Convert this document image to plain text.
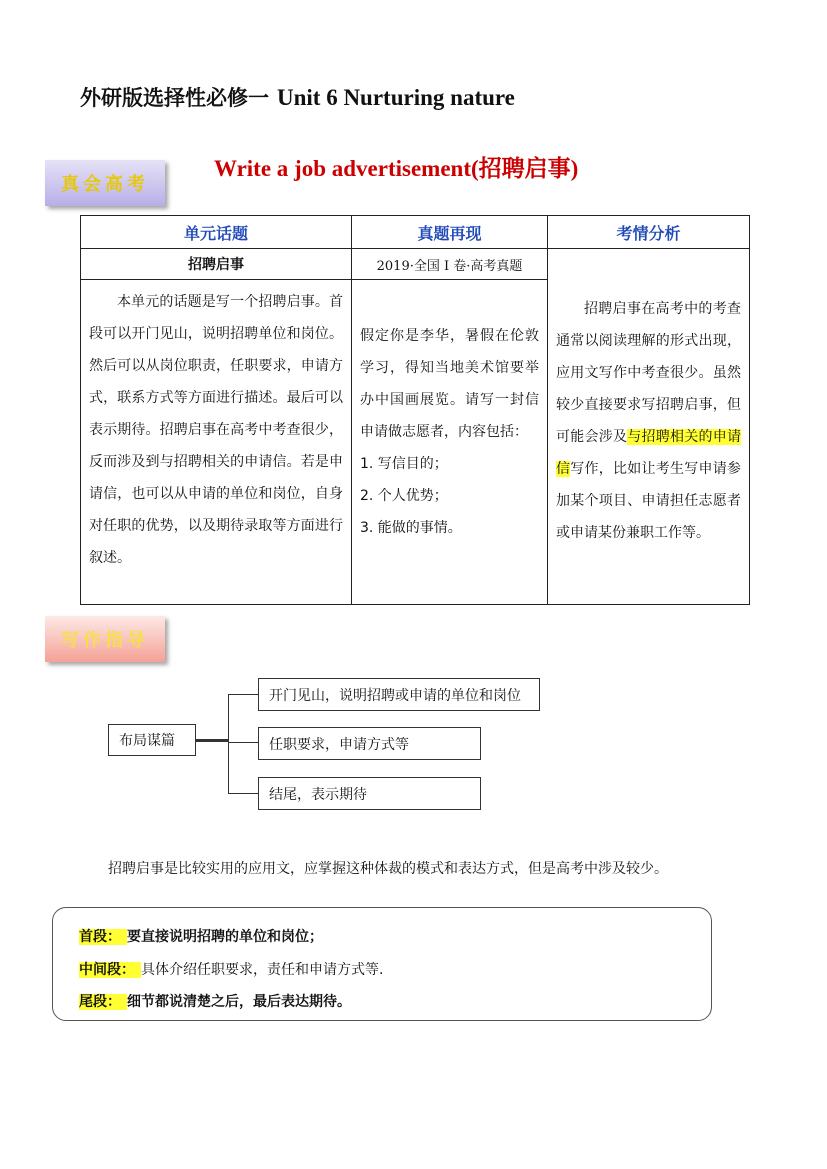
外研版选择性必修一 Unit 6 Nurturing nature
真会高考
Write a job advertisement(招聘启事)
单元话题	真题再现	考情分析
招聘启事	2019·全国 I 卷·高考真题	招聘启事在高考中的考查通常以阅读理解的形式出现，应用文写作中考查很少。虽然较少直接要求写招聘启事，但可能会涉及与招聘相关的申请信写作，比如让考生写申请参加某个项目、申请担任志愿者或申请某份兼职工作等。

本单元的话题是写一个招聘启事。首段可以开门见山，说明招聘单位和岗位。然后可以从岗位职责，任职要求，申请方式，联系方式等方面进行描述。最后可以表示期待。招聘启事在高考中考查很少，反而涉及到与招聘相关的申请信。若是申请信，也可以从申请的单位和岗位，自身对任职的优势，以及期待录取等方面进行叙述。	假定你是李华，暑假在伦敦学习，得知当地美术馆要举办中国画展览。请写一封信申请做志愿者，内容包括：
1. 写信目的；
2. 个人优势；
3. 能做的事情。	
写作指导
布局谋篇
开门见山，说明招聘或申请的单位和岗位
任职要求，申请方式等
结尾，表示期待
招聘启事是比较实用的应用文，应掌握这种体裁的模式和表达方式，但是高考中涉及较少。
首段： 要直接说明招聘的单位和岗位；
中间段： 具体介绍任职要求，责任和申请方式等.
尾段： 细节都说清楚之后，最后表达期待。
